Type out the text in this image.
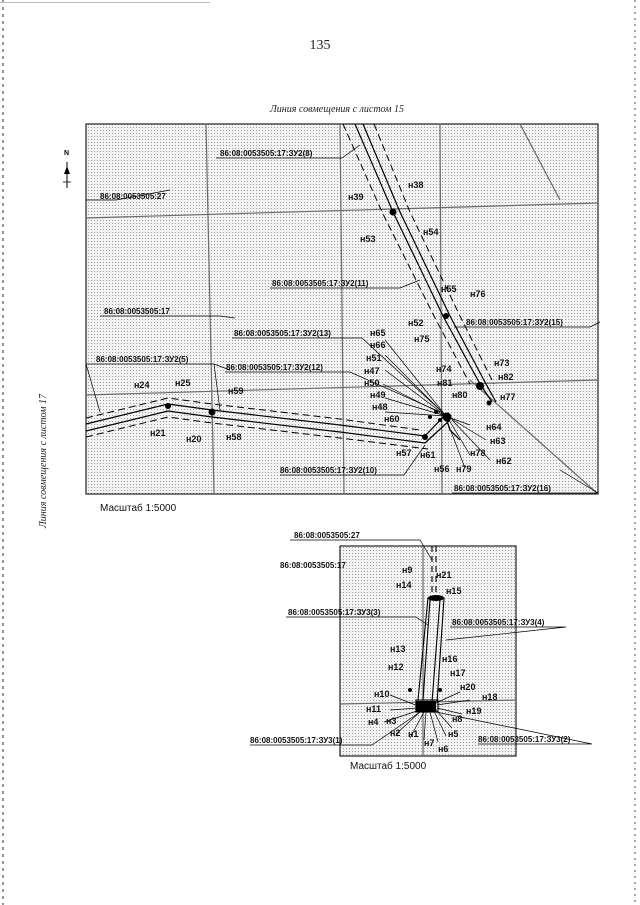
135
Линия совмещения с листом 15
Линия совмещения с листом 17
N
86:08:0053505:27
86:08:0053505:17
86:08:0053505:17:ЗУ2(8)
86:08:0053505:17:ЗУ2(11)
86:08:0053505:17:ЗУ2(13)
86:08:0053505:17:ЗУ2(12)
86:08:0053505:17:ЗУ2(5)
86:08:0053505:17:ЗУ2(15)
86:08:0053505:17:ЗУ2(10)
86:08:0053505:17:ЗУ2(16)
н38
н39
н53
н54
н55 н76
н52
н75
н65
н66
н51
н47
н50
н49
н48
н60
н74
н81
н80
н73
н82
н77
н24	н25
н59
н21
н20	н58
н57 н61
н56
н64
н63
н78
н62
н79
Масштаб 1:5000
86:08:0053505:27
86:08:0053505:17
86:08:0053505:17:ЗУ3(3)
86:08:0053505:17:ЗУ3(4)
86:08:0053505:17:ЗУ3(1)	86:08:0053505:17:ЗУ3(2)
н9
н14
н21
н15
н13
н12
н16
н17
н20
н10	н18
н11	н19
н8
н4 н3
н2 н1
н7
н5
н6
Масштаб 1:5000
